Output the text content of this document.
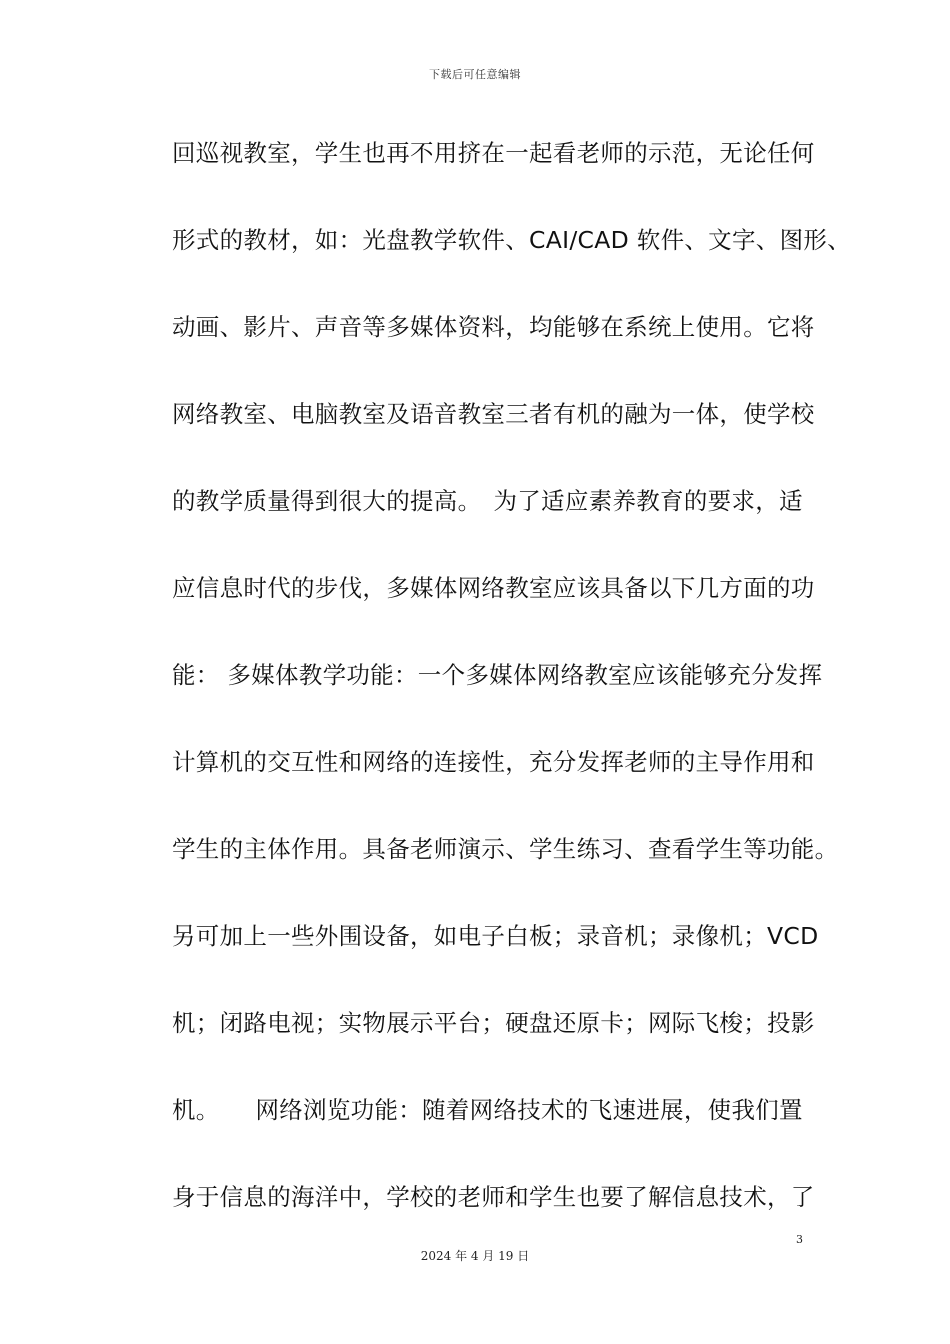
下载后可任意编辑
回巡视教室，学生也再不用挤在一起看老师的示范，无论任何
形式的教材，如：光盘教学软件、CAI/CAD 软件、文字、图形、
动画、影片、声音等多媒体资料，均能够在系统上使用。它将
网络教室、电脑教室及语音教室三者有机的融为一体，使学校
的教学质量得到很大的提高。　为了适应素养教育的要求，适
应信息时代的步伐，多媒体网络教室应该具备以下几方面的功
能： 多媒体教学功能：一个多媒体网络教室应该能够充分发挥
计算机的交互性和网络的连接性，充分发挥老师的主导作用和
学生的主体作用。具备老师演示、学生练习、查看学生等功能。
另可加上一些外围设备，如电子白板；录音机；录像机；VCD
机；闭路电视；实物展示平台；硬盘还原卡；网际飞梭；投影
机。　　网络浏览功能：随着网络技术的飞速进展，使我们置
身于信息的海洋中，学校的老师和学生也要了解信息技术，了
3
2024 年 4 月 19 日
